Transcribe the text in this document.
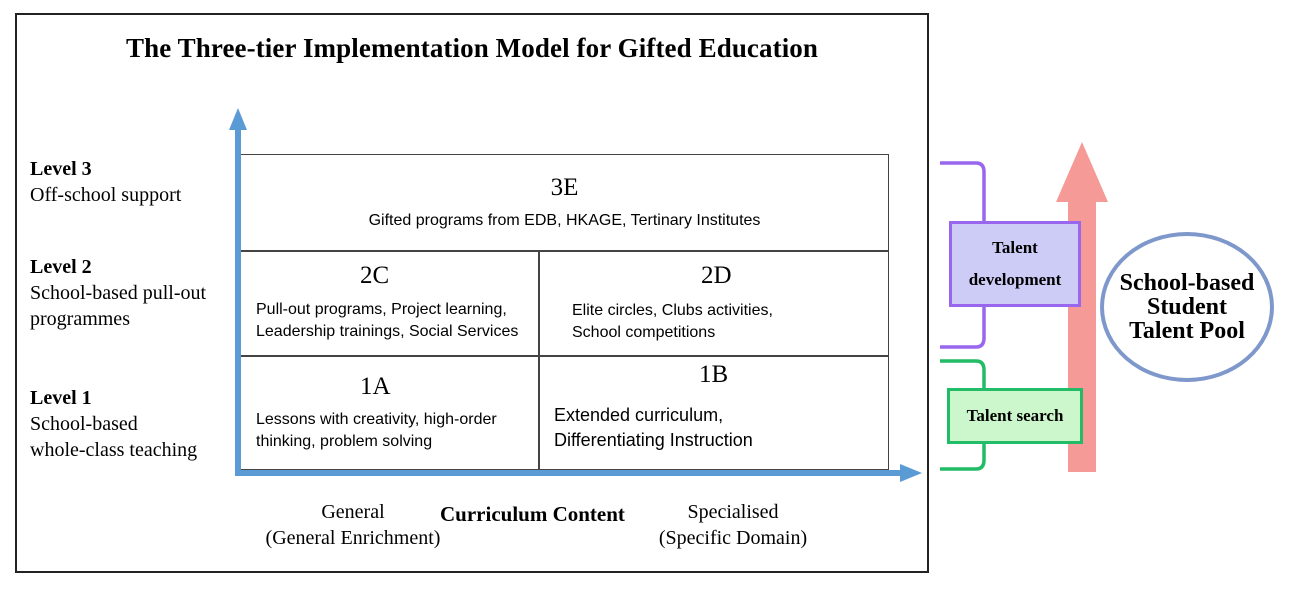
The Three-tier Implementation Model for Gifted Education
Level 3
Off-school support
Level 2
School-based pull-out
programmes
Level 1
School-based
whole-class teaching
3E
Gifted programs from EDB, HKAGE, Tertinary Institutes
2C
Pull-out programs, Project learning,
Leadership trainings, Social Services
2D
Elite circles, Clubs activities,
School competitions
1A
Lessons with creativity, high-order
thinking, problem solving
1B
Extended curriculum,
Differentiating Instruction
Talent
development
Talent search
School-based
Student
Talent Pool
General
(General Enrichment)
Curriculum Content	Specialised
(Specific Domain)
